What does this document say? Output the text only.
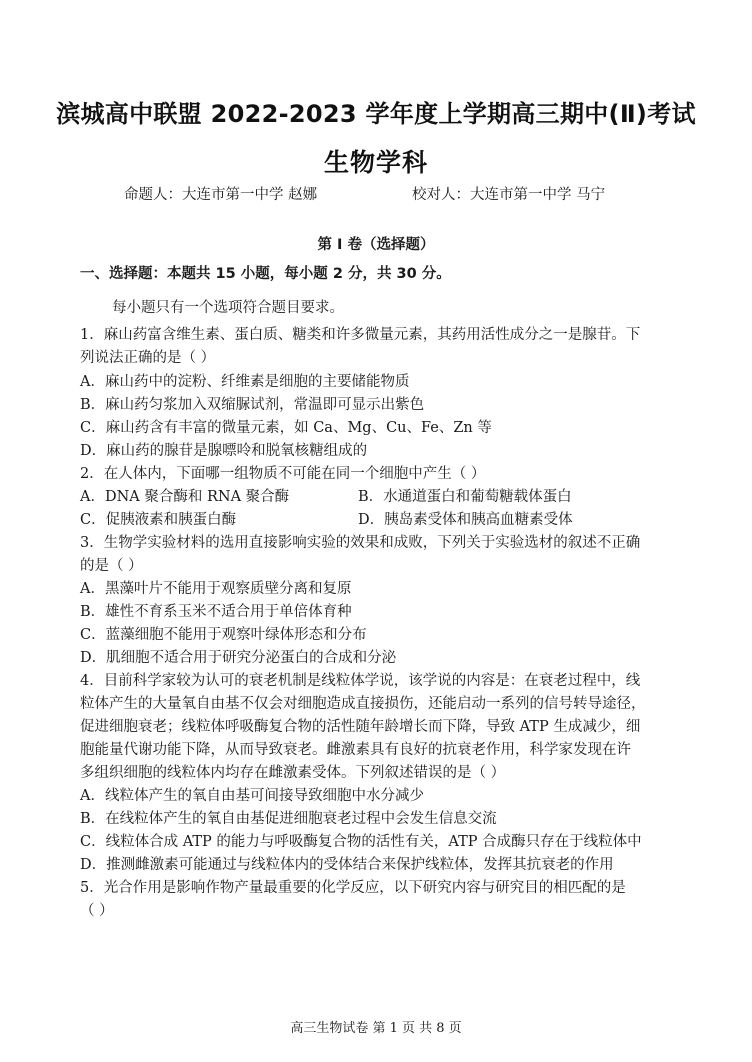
滨城高中联盟 2022-2023 学年度上学期高三期中(Ⅱ)考试
生物学科
命题人：大连市第一中学 赵娜	校对人：大连市第一中学 马宁
第 I 卷（选择题）
一、选择题：本题共 15 小题，每小题 2 分，共 30 分。
每小题只有一个选项符合题目要求。
1．麻山药富含维生素、蛋白质、糖类和许多微量元素，其药用活性成分之一是腺苷。下
列说法正确的是（ ）
A．麻山药中的淀粉、纤维素是细胞的主要储能物质
B．麻山药匀浆加入双缩脲试剂，常温即可显示出紫色
C．麻山药含有丰富的微量元素，如 Ca、Mg、Cu、Fe、Zn 等
D．麻山药的腺苷是腺嘌呤和脱氧核糖组成的
2．在人体内，下面哪一组物质不可能在同一个细胞中产生（ ）
A．DNA 聚合酶和 RNA 聚合酶	B．水通道蛋白和葡萄糖载体蛋白
C．促胰液素和胰蛋白酶	D．胰岛素受体和胰高血糖素受体
3．生物学实验材料的选用直接影响实验的效果和成败，下列关于实验选材的叙述不正确
的是（ ）
A．黑藻叶片不能用于观察质壁分离和复原
B．雄性不育系玉米不适合用于单倍体育种
C．蓝藻细胞不能用于观察叶绿体形态和分布
D．肌细胞不适合用于研究分泌蛋白的合成和分泌
4．目前科学家较为认可的衰老机制是线粒体学说，该学说的内容是：在衰老过程中，线
粒体产生的大量氧自由基不仅会对细胞造成直接损伤，还能启动一系列的信号转导途径，
促进细胞衰老；线粒体呼吸酶复合物的活性随年龄增长而下降，导致 ATP 生成减少，细
胞能量代谢功能下降，从而导致衰老。雌激素具有良好的抗衰老作用，科学家发现在许
多组织细胞的线粒体内均存在雌激素受体。下列叙述错误的是（ ）
A．线粒体产生的氧自由基可间接导致细胞中水分减少
B．在线粒体产生的氧自由基促进细胞衰老过程中会发生信息交流
C．线粒体合成 ATP 的能力与呼吸酶复合物的活性有关，ATP 合成酶只存在于线粒体中
D．推测雌激素可能通过与线粒体内的受体结合来保护线粒体，发挥其抗衰老的作用
5．光合作用是影响作物产量最重要的化学反应，以下研究内容与研究目的相匹配的是
（ ）
高三生物试卷 第 1 页 共 8 页
